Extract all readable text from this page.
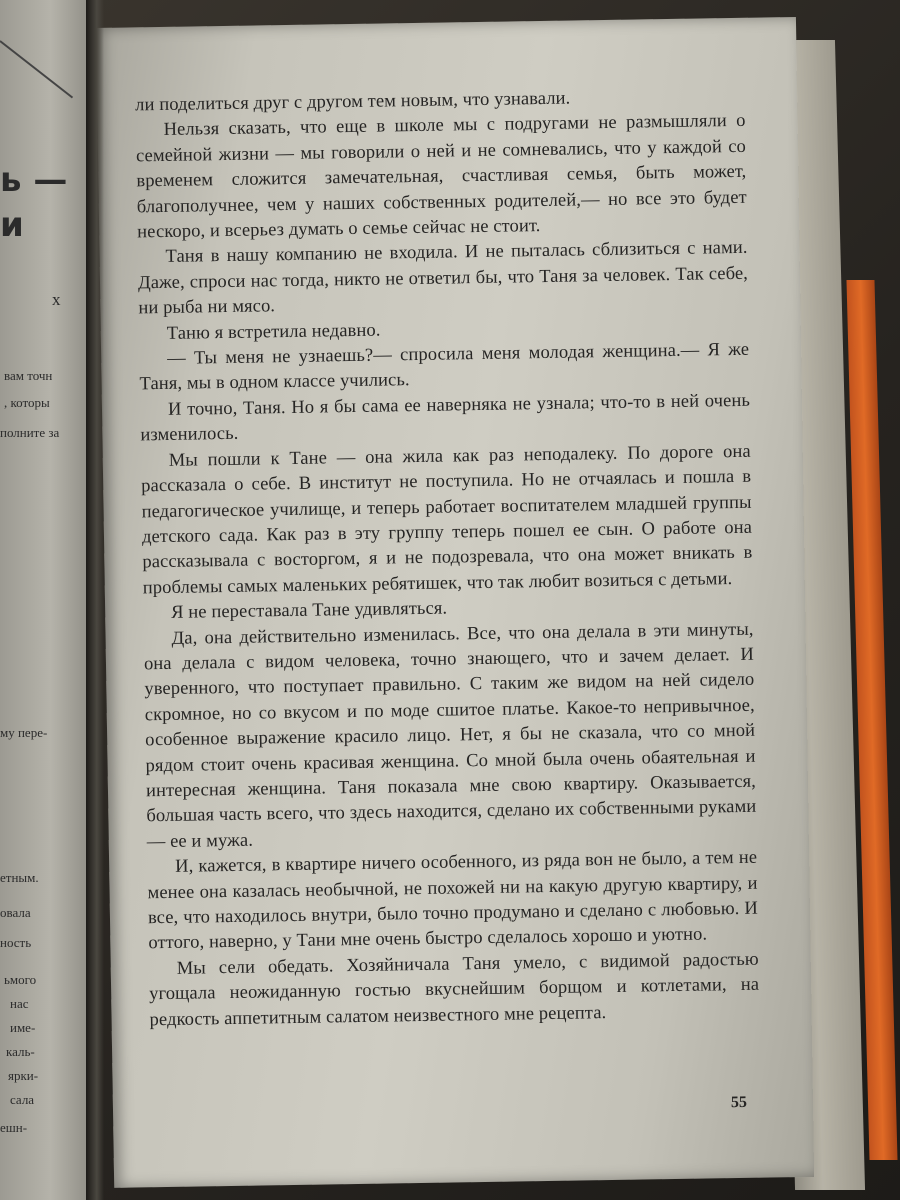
ь —
и
х
вам точн
, которы
полните за
му пере-
етным.
овала
ность
ьмого
нас
име-
каль-
ярки-
сала
ешн-

ли поделиться друг с другом тем новым, что узнавали.

Нельзя сказать, что еще в школе мы с подругами не размышляли о семейной жизни — мы говорили о ней и не сомневались, что у каждой со временем сложится замечательная, счастливая семья, быть может, благополучнее, чем у наших собственных родителей,— но все это будет нескоро, и всерьез думать о семье сейчас не стоит.

Таня в нашу компанию не входила. И не пыталась сблизиться с нами. Даже, спроси нас тогда, никто не ответил бы, что Таня за человек. Так себе, ни рыба ни мясо.

Таню я встретила недавно.

— Ты меня не узнаешь?— спросила меня молодая женщина.— Я же Таня, мы в одном классе учились.

И точно, Таня. Но я бы сама ее наверняка не узнала; что-то в ней очень изменилось.

Мы пошли к Тане — она жила как раз неподалеку. По дороге она рассказала о себе. В институт не поступила. Но не отчаялась и пошла в педагогическое училище, и теперь работает воспитателем младшей группы детского сада. Как раз в эту группу теперь пошел ее сын. О работе она рассказывала с восторгом, я и не подозревала, что она может вникать в проблемы самых маленьких ребятишек, что так любит возиться с детьми.

Я не переставала Тане удивляться.

Да, она действительно изменилась. Все, что она делала в эти минуты, она делала с видом человека, точно знающего, что и зачем делает. И уверенного, что поступает правильно. С таким же видом на ней сидело скромное, но со вкусом и по моде сшитое платье. Какое-то непривычное, особенное выражение красило лицо. Нет, я бы не сказала, что со мной рядом стоит очень красивая женщина. Со мной была очень обаятельная и интересная женщина. Таня показала мне свою квартиру. Оказывается, большая часть всего, что здесь находится, сделано их собственными руками — ее и мужа.

И, кажется, в квартире ничего особенного, из ряда вон не было, а тем не менее она казалась необычной, не похожей ни на какую другую квартиру, и все, что находилось внутри, было точно продумано и сделано с любовью. И оттого, наверно, у Тани мне очень быстро сделалось хорошо и уютно.

Мы сели обедать. Хозяйничала Таня умело, с видимой радостью угощала неожиданную гостью вкуснейшим борщом и котлетами, на редкость аппетитным салатом неизвестного мне рецепта.

55
